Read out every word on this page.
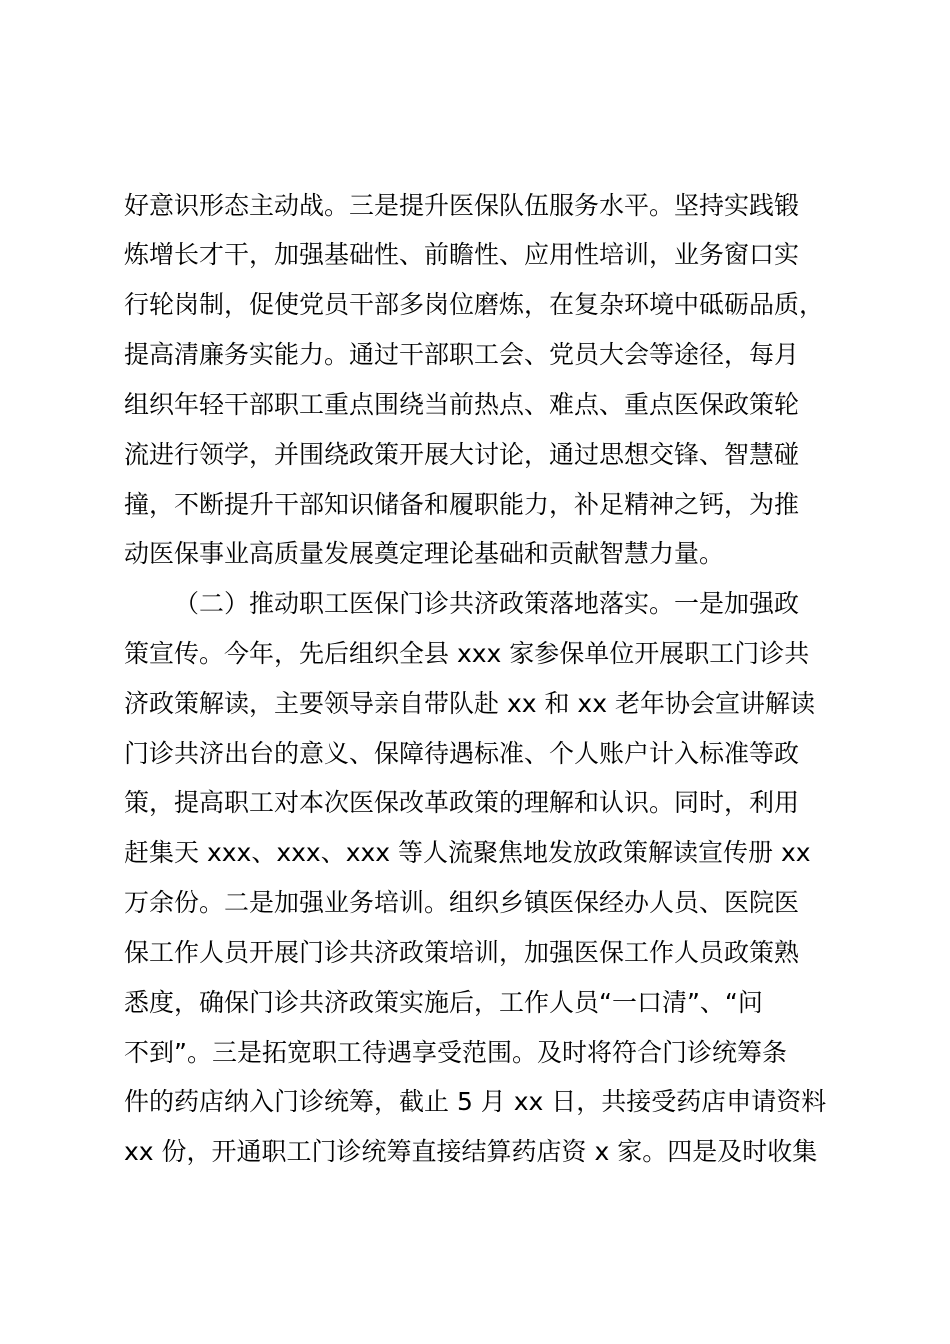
好意识形态主动战。三是提升医保队伍服务水平。坚持实践锻
炼增长才干，加强基础性、前瞻性、应用性培训，业务窗口实
行轮岗制，促使党员干部多岗位磨炼，在复杂环境中砥砺品质，
提高清廉务实能力。通过干部职工会、党员大会等途径，每月
组织年轻干部职工重点围绕当前热点、难点、重点医保政策轮
流进行领学，并围绕政策开展大讨论，通过思想交锋、智慧碰
撞，不断提升干部知识储备和履职能力，补足精神之钙，为推
动医保事业高质量发展奠定理论基础和贡献智慧力量。
（二）推动职工医保门诊共济政策落地落实。一是加强政
策宣传。今年，先后组织全县 xxx 家参保单位开展职工门诊共
济政策解读，主要领导亲自带队赴 xx 和 xx 老年协会宣讲解读
门诊共济出台的意义、保障待遇标准、个人账户计入标准等政
策，提高职工对本次医保改革政策的理解和认识。同时，利用
赶集天 xxx、xxx、xxx 等人流聚焦地发放政策解读宣传册 xx
万余份。二是加强业务培训。组织乡镇医保经办人员、医院医
保工作人员开展门诊共济政策培训，加强医保工作人员政策熟
悉度，确保门诊共济政策实施后，工作人员“一口清”、“问
不到”。三是拓宽职工待遇享受范围。及时将符合门诊统筹条
件的药店纳入门诊统筹，截止 5 月 xx 日，共接受药店申请资料
xx 份，开通职工门诊统筹直接结算药店资 x 家。四是及时收集
